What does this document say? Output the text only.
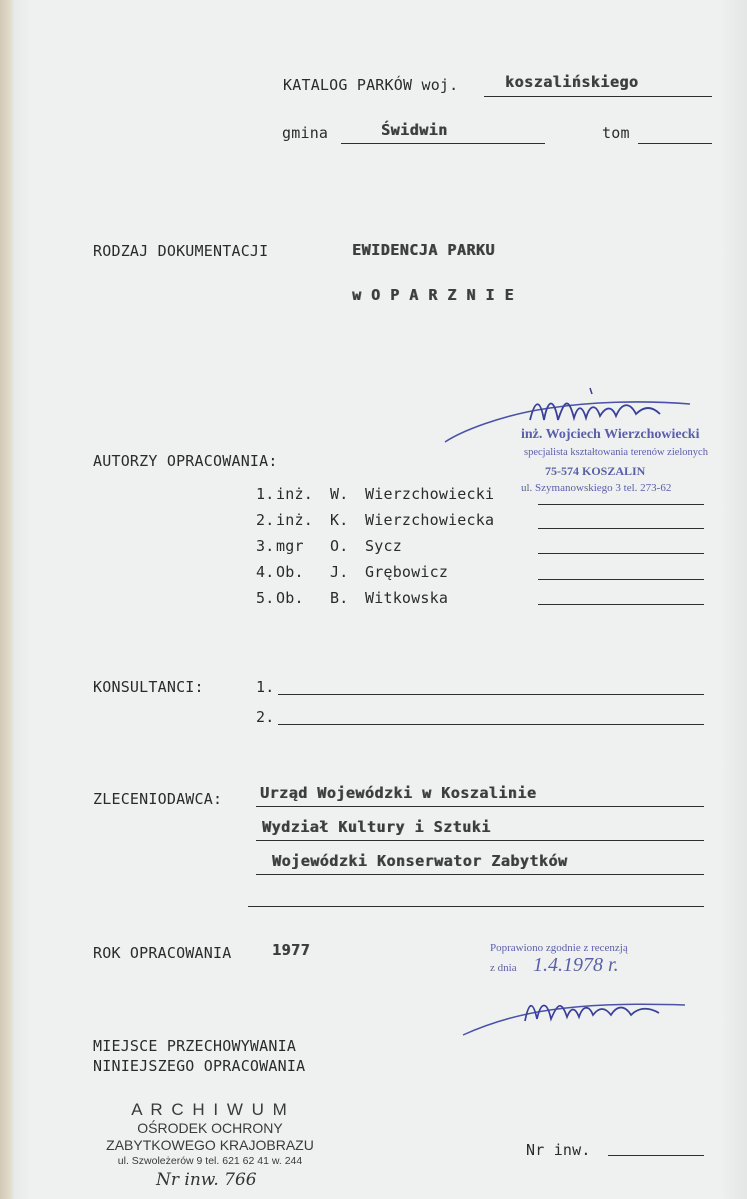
KATALOG PARKÓW woj.	koszalińskiego
gmina	Świdwin	tom
RODZAJ DOKUMENTACJI	EWIDENCJA PARKU
w O P A R Z N I E
inż. Wojciech Wierzchowiecki
specjalista kształtowania terenów zielonych
75-574 KOSZALIN
ul. Szymanowskiego 3 tel. 273-62
AUTORZY OPRACOWANIA:
1. inż. W. Wierzchowiecki
2. inż. K. Wierzchowiecka
3. mgr O. Sycz
4. Ob. J. Grębowicz
5. Ob. B. Witkowska
KONSULTANCI:	1.
2.
ZLECENIODAWCA:	Urząd Wojewódzki w Koszalinie
Wydział Kultury i Sztuki
Wojewódzki Konserwator Zabytków
ROK OPRACOWANIA	1977	Poprawiono zgodnie z recenzją
z dnia 1.4.1978 r.
MIEJSCE PRZECHOWYWANIA
NINIEJSZEGO OPRACOWANIA
A R C H I W U M
OŚRODEK OCHRONY
ZABYTKOWEGO KRAJOBRAZU
ul. Szwoleżerów 9 tel. 621 62 41 w. 244
Nr inw. 766
Nr inw.
